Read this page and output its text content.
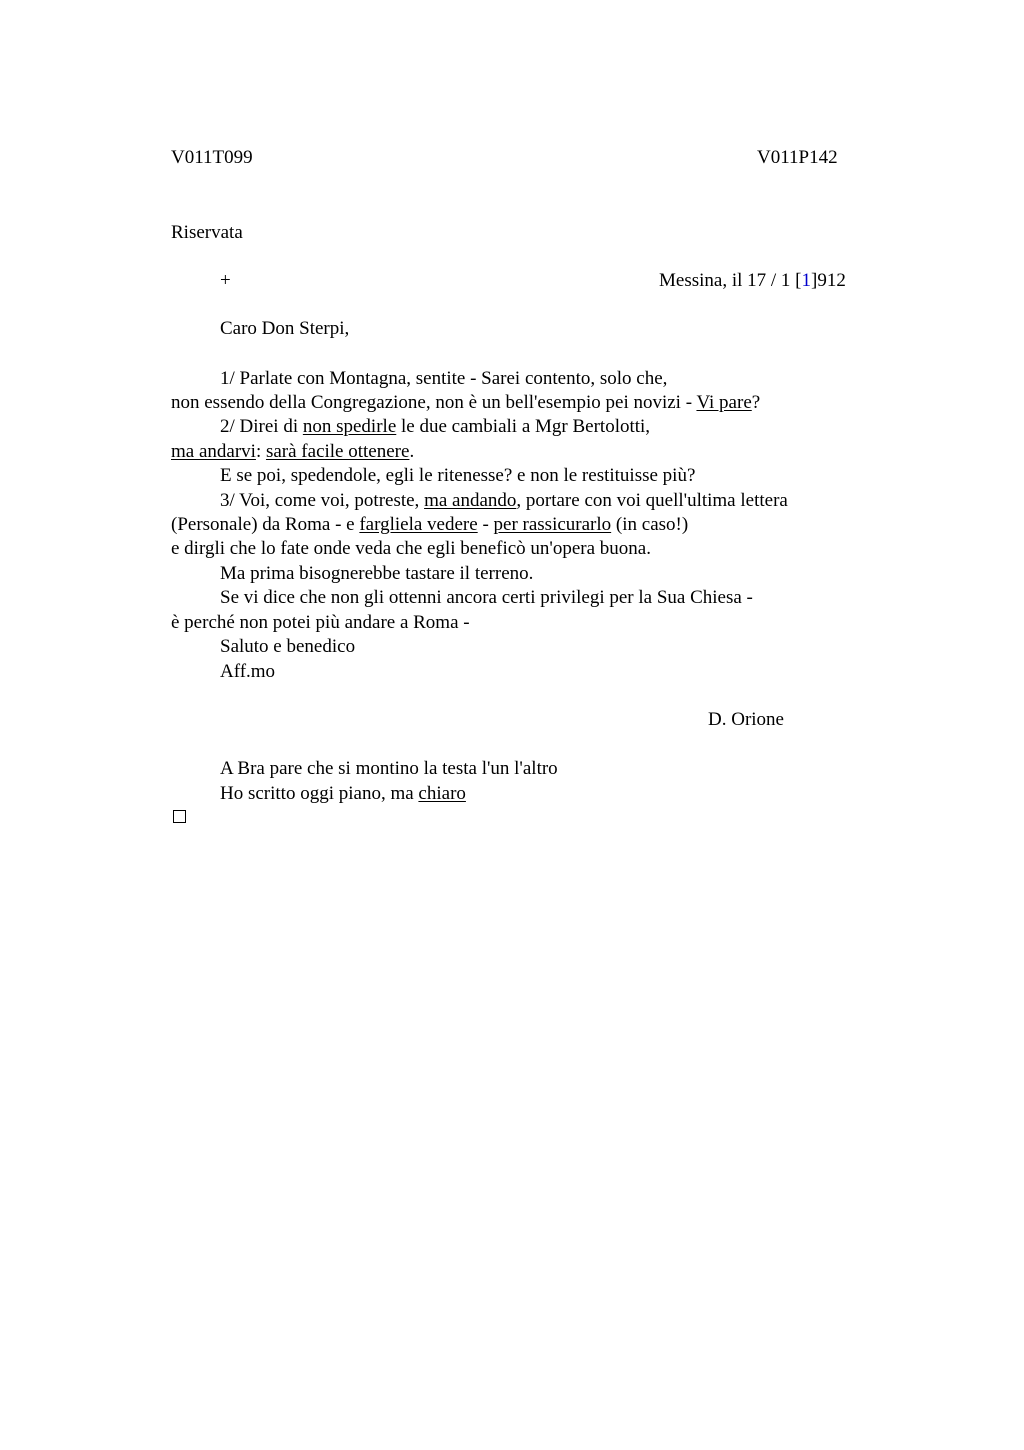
V011T099	V011P142
Riservata
+	Messina, il 17 / 1 [1]912
Caro Don Sterpi,
1/ Parlate con Montagna, sentite - Sarei contento, solo che,
non essendo della Congregazione, non è un bell'esempio pei novizi - Vi pare?
2/ Direi di non spedirle le due cambiali a Mgr Bertolotti,
ma andarvi: sarà facile ottenere.
E se poi, spedendole, egli le ritenesse? e non le restituisse più?
3/ Voi, come voi, potreste, ma andando, portare con voi quell'ultima lettera
(Personale) da Roma - e fargliela vedere - per rassicurarlo (in caso!)
e dirgli che lo fate onde veda che egli beneficò un'opera buona.
Ma prima bisognerebbe tastare il terreno.
Se vi dice che non gli ottenni ancora certi privilegi per la Sua Chiesa -
è perché non potei più andare a Roma -
Saluto e benedico
Aff.mo
D. Orione
A Bra pare che si montino la testa l'un l'altro
Ho scritto oggi piano, ma chiaro
